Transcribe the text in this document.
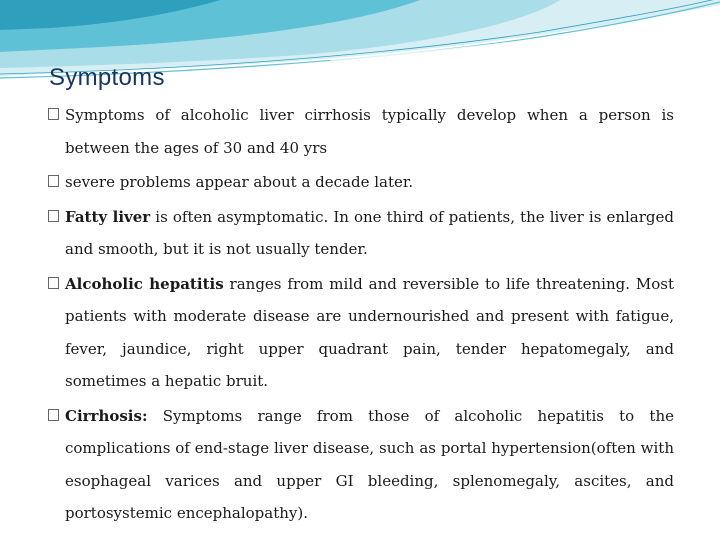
Symptoms
Symptoms of alcoholic liver cirrhosis typically develop when a person is between the ages of 30 and 40 yrs
severe problems appear about a decade later.
Fatty liver is often asymptomatic. In one third of patients, the liver is enlarged and smooth, but it is not usually tender.
Alcoholic hepatitis ranges from mild and reversible to life threatening. Most patients with moderate disease are undernourished and present with fatigue, fever, jaundice, right upper quadrant pain, tender hepatomegaly, and sometimes a hepatic bruit.
Cirrhosis: Symptoms range from those of alcoholic hepatitis to the complications of end-stage liver disease, such as portal hypertension(often with esophageal varices and upper GI bleeding, splenomegaly, ascites, and portosystemic encephalopathy).
